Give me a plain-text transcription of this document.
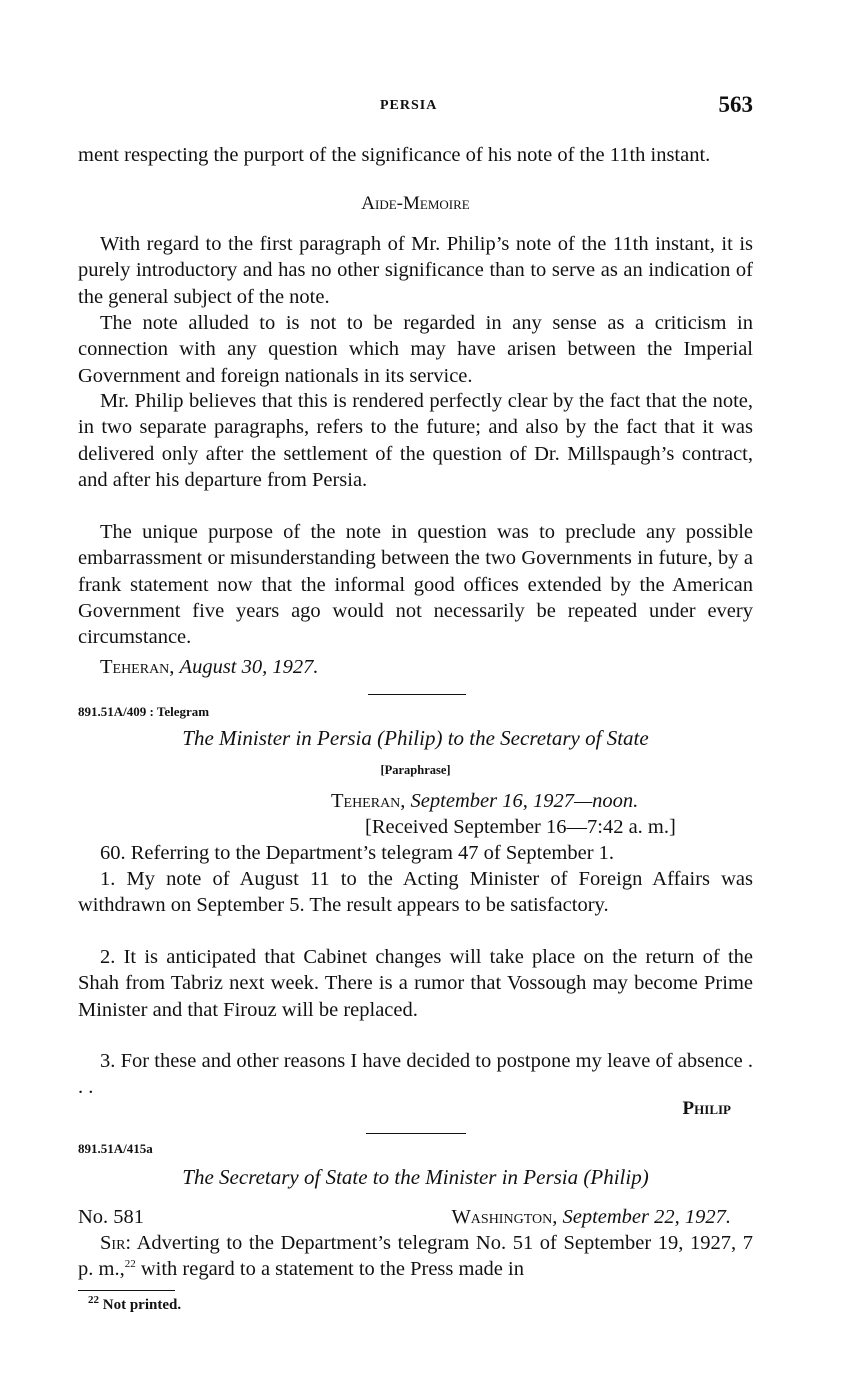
PERSIA	563
ment respecting the purport of the significance of his note of the 11th instant.
Aide-Memoire
With regard to the first paragraph of Mr. Philip’s note of the 11th instant, it is purely introductory and has no other significance than to serve as an indication of the general subject of the note.
The note alluded to is not to be regarded in any sense as a criticism in connection with any question which may have arisen between the Imperial Government and foreign nationals in its service.
Mr. Philip believes that this is rendered perfectly clear by the fact that the note, in two separate paragraphs, refers to the future; and also by the fact that it was delivered only after the settlement of the question of Dr. Millspaugh’s contract, and after his departure from Persia.
The unique purpose of the note in question was to preclude any possible embarrassment or misunderstanding between the two Governments in future, by a frank statement now that the informal good offices extended by the American Government five years ago would not necessarily be repeated under every circumstance.
Teheran, August 30, 1927.
891.51A/409 : Telegram
The Minister in Persia (Philip) to the Secretary of State
[Paraphrase]
Teheran, September 16, 1927—noon.
[Received September 16—7:42 a. m.]
60. Referring to the Department’s telegram 47 of September 1.
1. My note of August 11 to the Acting Minister of Foreign Affairs was withdrawn on September 5. The result appears to be satisfactory.
2. It is anticipated that Cabinet changes will take place on the return of the Shah from Tabriz next week. There is a rumor that Vossough may become Prime Minister and that Firouz will be replaced.
3. For these and other reasons I have decided to postpone my leave of absence . . .
Philip
891.51A/415a
The Secretary of State to the Minister in Persia (Philip)
No. 581	Washington, September 22, 1927.
Sir: Adverting to the Department’s telegram No. 51 of September 19, 1927, 7 p. m.,$^{22}$ with regard to a statement to the Press made in
$^{22}$ Not printed.
